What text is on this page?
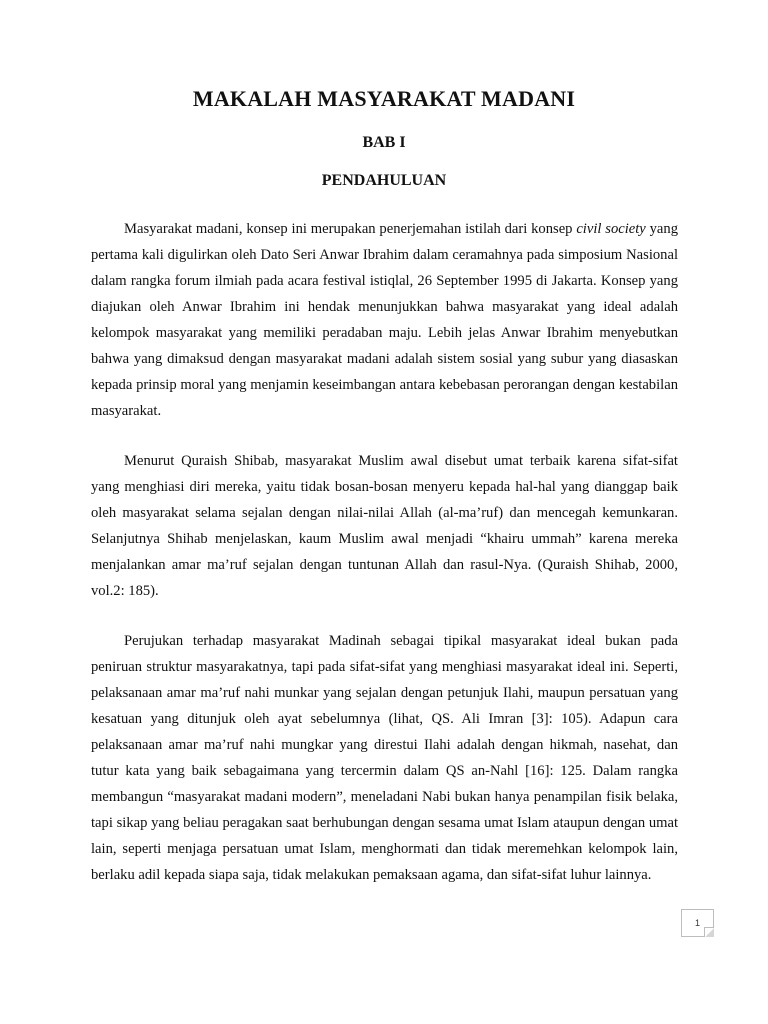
MAKALAH MASYARAKAT MADANI
BAB I
PENDAHULUAN

Masyarakat madani, konsep ini merupakan penerjemahan istilah dari konsep civil society yang pertama kali digulirkan oleh Dato Seri Anwar Ibrahim dalam ceramahnya pada simposium Nasional dalam rangka forum ilmiah pada acara festival istiqlal, 26 September 1995 di Jakarta. Konsep yang diajukan oleh Anwar Ibrahim ini hendak menunjukkan bahwa masyarakat yang ideal adalah kelompok masyarakat yang memiliki peradaban maju. Lebih jelas Anwar Ibrahim menyebutkan bahwa yang dimaksud dengan masyarakat madani adalah sistem sosial yang subur yang diasaskan kepada prinsip moral yang menjamin keseimbangan antara kebebasan perorangan dengan kestabilan masyarakat.

Menurut Quraish Shibab, masyarakat Muslim awal disebut umat terbaik karena sifat-sifat yang menghiasi diri mereka, yaitu tidak bosan-bosan menyeru kepada hal-hal yang dianggap baik oleh masyarakat selama sejalan dengan nilai-nilai Allah (al-ma’ruf) dan mencegah kemunkaran. Selanjutnya Shihab menjelaskan, kaum Muslim awal menjadi “khairu ummah” karena mereka menjalankan amar ma’ruf sejalan dengan tuntunan Allah dan rasul-Nya. (Quraish Shihab, 2000, vol.2: 185).

Perujukan terhadap masyarakat Madinah sebagai tipikal masyarakat ideal bukan pada peniruan struktur masyarakatnya, tapi pada sifat-sifat yang menghiasi masyarakat ideal ini. Seperti, pelaksanaan amar ma’ruf nahi munkar yang sejalan dengan petunjuk Ilahi, maupun persatuan yang kesatuan yang ditunjuk oleh ayat sebelumnya (lihat, QS. Ali Imran [3]: 105). Adapun cara pelaksanaan amar ma’ruf nahi mungkar yang direstui Ilahi adalah dengan hikmah, nasehat, dan tutur kata yang baik sebagaimana yang tercermin dalam QS an-Nahl [16]: 125. Dalam rangka membangun “masyarakat madani modern”, meneladani Nabi bukan hanya penampilan fisik belaka, tapi sikap yang beliau peragakan saat berhubungan dengan sesama umat Islam ataupun dengan umat lain, seperti menjaga persatuan umat Islam, menghormati dan tidak meremehkan kelompok lain, berlaku adil kepada siapa saja, tidak melakukan pemaksaan agama, dan sifat-sifat luhur lainnya.

1
